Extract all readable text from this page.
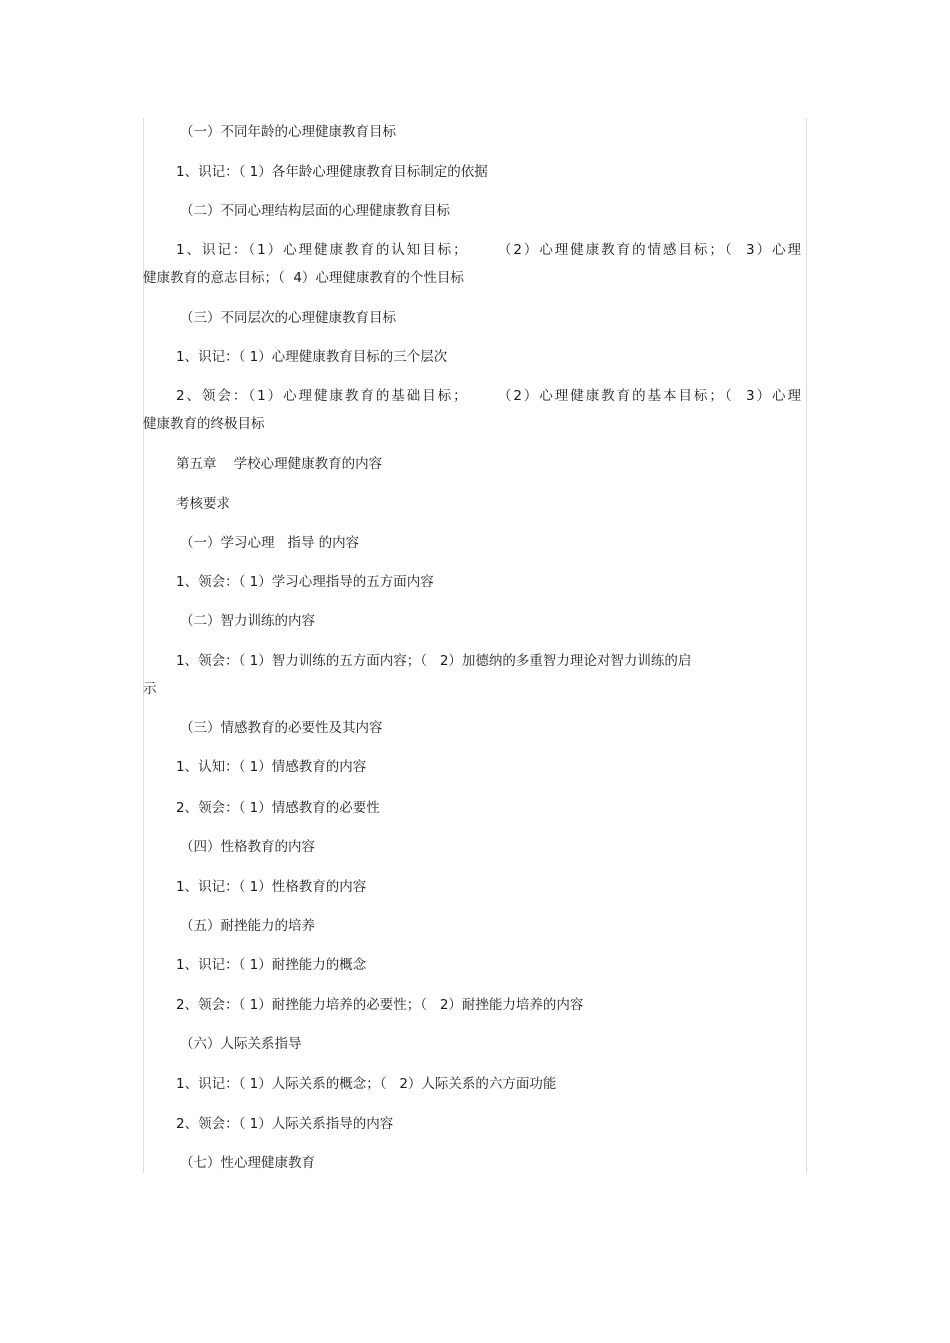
（一）不同年龄的心理健康教育目标
1、识记：（ 1）各年龄心理健康教育目标制定的依据
（二）不同心理结构层面的心理健康教育目标
1、识记：（1）心理健康教育的认知目标；     （2）心理健康教育的情感目标；（  3）心理
健康教育的意志目标；（  4）心理健康教育的个性目标
（三）不同层次的心理健康教育目标
1、识记：（ 1）心理健康教育目标的三个层次
2、领会：（1）心理健康教育的基础目标；     （2）心理健康教育的基本目标；（  3）心理
健康教育的终极目标
第五章    学校心理健康教育的内容
考核要求
（一）学习心理   指导 的内容
1、领会：（ 1）学习心理指导的五方面内容
（二）智力训练的内容
1、领会：（ 1）智力训练的五方面内容；（   2）加德纳的多重智力理论对智力训练的启
示
（三）情感教育的必要性及其内容
1、认知：（ 1）情感教育的内容
2、领会：（ 1）情感教育的必要性
（四）性格教育的内容
1、识记：（ 1）性格教育的内容
（五）耐挫能力的培养
1、识记：（ 1）耐挫能力的概念
2、领会：（ 1）耐挫能力培养的必要性；（   2）耐挫能力培养的内容
（六）人际关系指导
1、识记：（ 1）人际关系的概念；（   2）人际关系的六方面功能
2、领会：（ 1）人际关系指导的内容
（七）性心理健康教育
